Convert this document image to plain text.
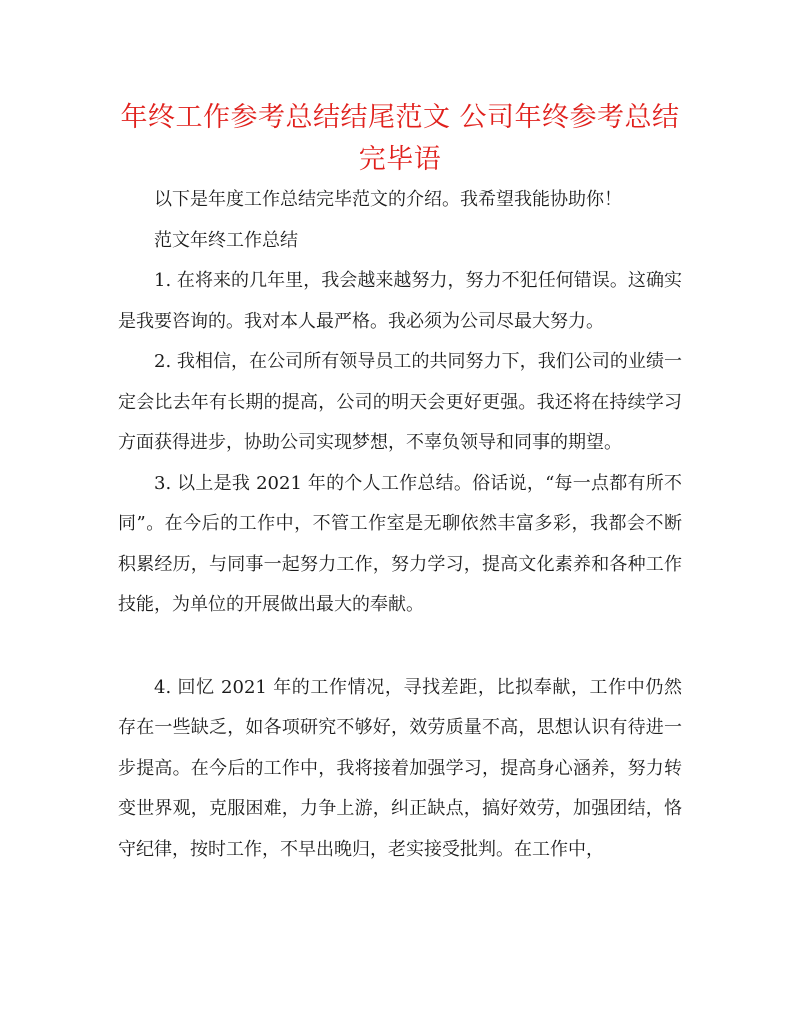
年终工作参考总结结尾范文 公司年终参考总结完毕语

以下是年度工作总结完毕范文的介绍。我希望我能协助你！

范文年终工作总结

1. 在将来的几年里，我会越来越努力，努力不犯任何错误。这确实是我要咨询的。我对本人最严格。我必须为公司尽最大努力。

2. 我相信，在公司所有领导员工的共同努力下，我们公司的业绩一定会比去年有长期的提高，公司的明天会更好更强。我还将在持续学习方面获得进步，协助公司实现梦想，不辜负领导和同事的期望。

3. 以上是我 2021 年的个人工作总结。俗话说，“每一点都有所不同”。在今后的工作中，不管工作室是无聊依然丰富多彩，我都会不断积累经历，与同事一起努力工作，努力学习，提高文化素养和各种工作技能，为单位的开展做出最大的奉献。

4. 回忆 2021 年的工作情况，寻找差距，比拟奉献，工作中仍然存在一些缺乏，如各项研究不够好，效劳质量不高，思想认识有待进一步提高。在今后的工作中，我将接着加强学习，提高身心涵养，努力转变世界观，克服困难，力争上游，纠正缺点，搞好效劳，加强团结，恪守纪律，按时工作，不早出晚归，老实接受批判。在工作中，
